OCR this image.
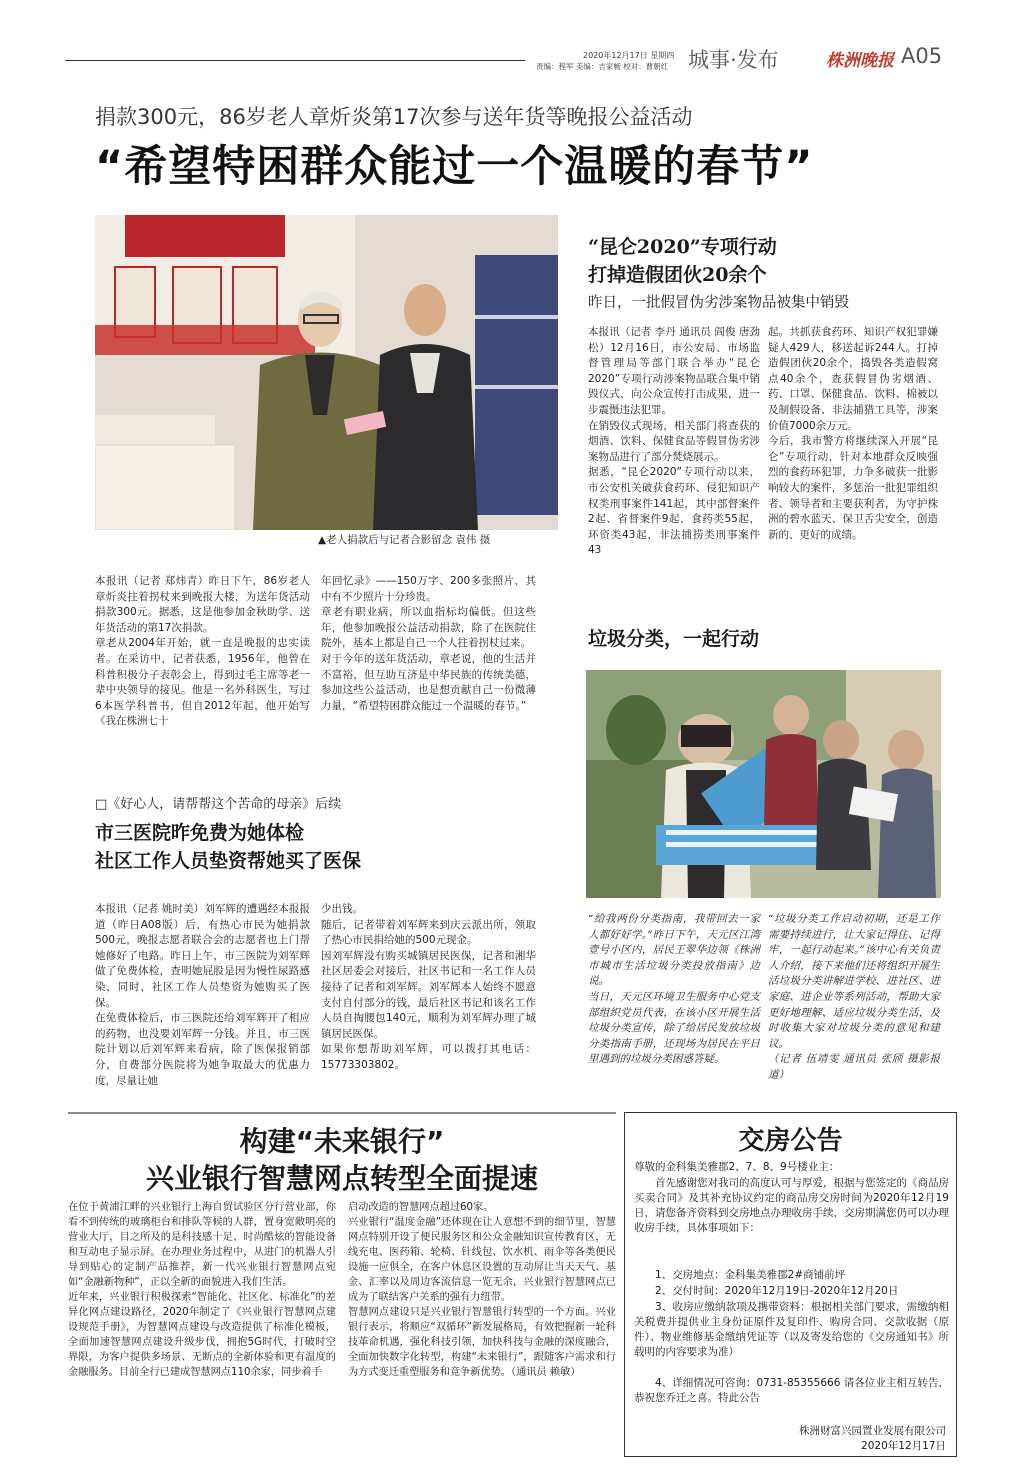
2020年12月17日 星期四
责编：程军 美编：吉家畅 校对：曹朝红 城事·发布	株洲晚报 A05
捐款300元，86岁老人章炘炎第17次参与送年货等晚报公益活动
“希望特困群众能过一个温暖的春节”
▲老人捐款后与记者合影留念 袁伟 摄
本报讯（记者 郑炜青）昨日下午，86岁老人章炘炎拄着拐杖来到晚报大楼，为送年货活动捐款300元。据悉，这是他参加金秋助学、送年货活动的第17次捐款。
章老从2004年开始，就一直是晚报的忠实读者。在采访中，记者获悉，1956年，他曾在科普积极分子表彰会上，得到过毛主席等老一辈中央领导的接见。他是一名外科医生，写过6本医学科普书，但自2012年起，他开始写《我在株洲七十
年回忆录》——150万字、200多张照片，其中有不少照片十分珍贵。
章老有职业病，所以血指标均偏低。但这些年，他参加晚报公益活动捐款，除了在医院住院外，基本上都是自己一个人拄着拐杖过来。
对于今年的送年货活动，章老说，他的生活并不富裕，但互助互济是中华民族的传统美德，参加这些公益活动，也是想贡献自己一份微薄力量，“希望特困群众能过一个温暖的春节。”
“昆仑2020”专项行动
打掉造假团伙20余个
昨日，一批假冒伪劣涉案物品被集中销毁
本报讯（记者 李丹 通讯员 阎俊 唐劲松）12月16日，市公安局、市场监督管理局等部门联合举办“昆仑2020”专项行动涉案物品联合集中销毁仪式，向公众宣传打击成果，进一步震慑违法犯罪。
在销毁仪式现场，相关部门将查获的烟酒、饮料、保健食品等假冒伪劣涉案物品进行了部分焚烧展示。
据悉，“昆仑2020”专项行动以来，市公安机关破获食药环、侵犯知识产权类刑事案件141起，其中部督案件2起、省督案件9起，食药类55起，环资类43起，非法捕捞类刑事案件43
起。共抓获食药环、知识产权犯罪嫌疑人429人，移送起诉244人。打掉造假团伙20余个，捣毁各类造假窝点40余个，查获假冒伪劣烟酒、药、口罩、保健食品、饮料、棉被以及制假设备、非法捕猎工具等，涉案价值7000余万元。
今后，我市警方将继续深入开展“昆仑”专项行动，针对本地群众反映强烈的食药环犯罪，力争多破获一批影响较大的案件，多惩治一批犯罪组织者、领导者和主要获利者，为守护株洲的碧水蓝天、保卫舌尖安全，创造新的、更好的成绩。
垃圾分类，一起行动
“给我两份分类指南，我带回去一家人都好好学。”昨日下午，天元区江湾壹号小区内，居民王翠华边领《株洲市城市生活垃圾分类投放指南》边说。
当日，天元区环境卫生服务中心党支部组织党员代表，在该小区开展生活垃圾分类宣传，除了给居民发放垃圾分类指南手册，还现场为居民在平日里遇到的垃圾分类困惑答疑。
“垃圾分类工作启动初期，还是工作需要持续进行，让大家记得住、记得牢，一起行动起来。”该中心有关负责人介绍，接下来他们还将组织开展生活垃圾分类讲解进学校、进社区、进家庭、进企业等系列活动，帮助大家更好地理解、适应垃圾分类生活，及时收集大家对垃圾分类的意见和建议。
（记者 伍靖雯 通讯员 张颀 摄影报道）
□《好心人，请帮帮这个苦命的母亲》后续
市三医院昨免费为她体检
社区工作人员垫资帮她买了医保
本报讯（记者 姚时美）刘军辉的遭遇经本报报道（昨日A08版）后，有热心市民为她捐款500元，晚报志愿者联合会的志愿者也上门帮她修好了电路。昨日上午，市三医院为刘军辉做了免费体检，查明她屁股是因为慢性尿路感染，同时，社区工作人员垫资为她购买了医保。
在免费体检后，市三医院还给刘军辉开了相应的药物，也没要刘军辉一分钱。并且，市三医院计划以后刘军辉来看病，除了医保报销部分，自费部分医院将为她争取最大的优惠力度，尽量让她
少出钱。
随后，记者带着刘军辉来到庆云派出所，领取了热心市民捐给她的500元现金。
因刘军辉没有购买城镇居民医保，记者和湘华社区居委会对接后，社区书记和一名工作人员接待了记者和刘军辉。刘军辉本人始终不愿意支付自付部分的钱，最后社区书记和该名工作人员自掏腰包140元，顺利为刘军辉办理了城镇居民医保。
如果你想帮助刘军辉，可以拨打其电话：15773303802。
构建“未来银行”
兴业银行智慧网点转型全面提速
在位于黄浦江畔的兴业银行上海自贸试验区分行营业部，你看不到传统的玻璃柜台和排队等候的人群，置身宽敞明亮的营业大厅，目之所及的是科技感十足、时尚酷炫的智能设备和互动电子显示屏。在办理业务过程中，从进门的机器人引导到贴心的定制产品推荐，新一代兴业银行智慧网点宛如“金融新物种”，正以全新的面貌进入我们生活。
近年来，兴业银行积极探索“智能化、社区化、标准化”的差异化网点建设路径，2020年制定了《兴业银行智慧网点建设规范手册》，为智慧网点建设与改造提供了标准化模板，全面加速智慧网点建设升级步伐，拥抱5G时代，打破时空界限，为客户提供多场景、无断点的全新体验和更有温度的金融服务。目前全行已建成智慧网点110余家，同步着手
启动改造的智慧网点超过60家。
兴业银行“温度金融”还体现在让人意想不到的细节里，智慧网点特别开设了便民服务区和公众金融知识宣传教育区，无线充电、医药箱、轮椅、针线包、饮水机、雨伞等各类便民设施一应俱全，在客户休息区设置的互动屏让当天天气、基金、汇率以及周边客流信息一览无余，兴业银行智慧网点已成为了联结客户关系的强有力纽带。
智慧网点建设只是兴业银行智慧银行转型的一个方面。兴业银行表示，将顺应“双循环”新发展格局，有效把握新一轮科技革命机遇，强化科技引领，加快科技与金融的深度融合，全面加快数字化转型，构建“未来银行”，跟随客户需求和行为方式变迁重塑服务和竞争新优势。（通讯员 赖敏）
交房公告
尊敬的金科集美雅郡2、7、8、9号楼业主：
首先感谢您对我司的高度认可与厚爱，根据与您签定的《商品房买卖合同》及其补充协议约定的商品房交房时间为2020年12月19日，请您备齐资料到交房地点办理收房手续，交房期满您仍可以办理收房手续，具体事项如下：
1、交房地点：金科集美雅郡2#商铺前坪
2、交付时间：2020年12月19日-2020年12月20日
3、收房应缴纳款项及携带资料：根据相关部门要求，需缴纳相关税费并提供业主身份证原件及复印件、购房合同、交款收据（原件）、物业维修基金缴纳凭证等（以及寄发给您的《交房通知书》所载明的内容要求为准）
4、详细情况可咨询：0731-85355666 请各位业主相互转告，恭祝您乔迁之喜。特此公告
株洲财富兴园置业发展有限公司
2020年12月17日
